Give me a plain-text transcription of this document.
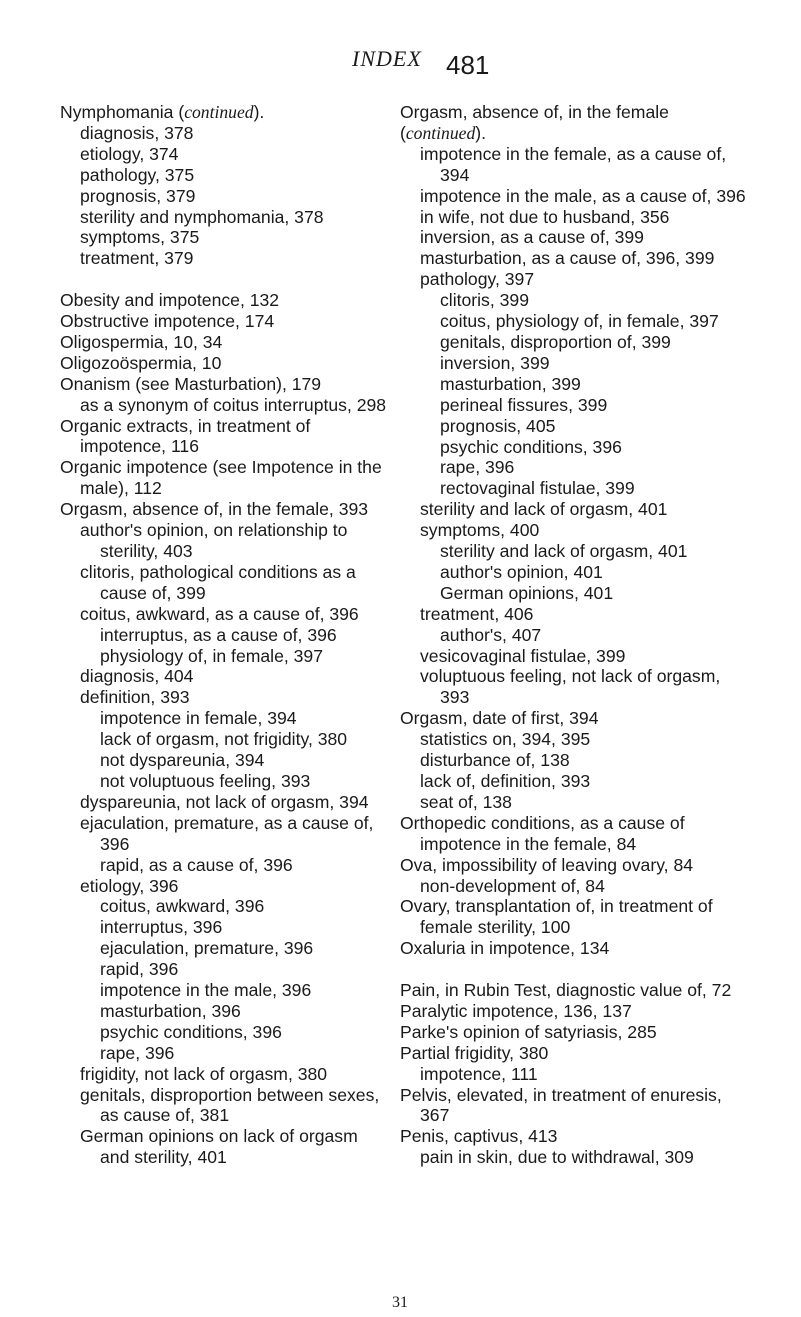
INDEX 481
Nymphomania (continued).
diagnosis, 378
etiology, 374
pathology, 375
prognosis, 379
sterility and nymphomania, 378
symptoms, 375
treatment, 379
Obesity and impotence, 132
Obstructive impotence, 174
Oligospermia, 10, 34
Oligozoöspermia, 10
Onanism (see Masturbation), 179
as a synonym of coitus interruptus, 298
Organic extracts, in treatment of impotence, 116
Organic impotence (see Impotence in the male), 112
Orgasm, absence of, in the female, 393
author's opinion, on relationship to sterility, 403
clitoris, pathological conditions as a cause of, 399
coitus, awkward, as a cause of, 396
interruptus, as a cause of, 396
physiology of, in female, 397
diagnosis, 404
definition, 393
impotence in female, 394
lack of orgasm, not frigidity, 380
not dyspareunia, 394
not voluptuous feeling, 393
dyspareunia, not lack of orgasm, 394
ejaculation, premature, as a cause of, 396
rapid, as a cause of, 396
etiology, 396
coitus, awkward, 396
interruptus, 396
ejaculation, premature, 396
rapid, 396
impotence in the male, 396
masturbation, 396
psychic conditions, 396
rape, 396
frigidity, not lack of orgasm, 380
genitals, disproportion between sexes, as cause of, 381
German opinions on lack of orgasm and sterility, 401
Orgasm, absence of, in the female
(continued).
impotence in the female, as a cause of, 394
impotence in the male, as a cause of, 396
in wife, not due to husband, 356
inversion, as a cause of, 399
masturbation, as a cause of, 396, 399
pathology, 397
clitoris, 399
coitus, physiology of, in female, 397
genitals, disproportion of, 399
inversion, 399
masturbation, 399
perineal fissures, 399
prognosis, 405
psychic conditions, 396
rape, 396
rectovaginal fistulae, 399
sterility and lack of orgasm, 401
symptoms, 400
sterility and lack of orgasm, 401
author's opinion, 401
German opinions, 401
treatment, 406
author's, 407
vesicovaginal fistulae, 399
voluptuous feeling, not lack of orgasm, 393
Orgasm, date of first, 394
statistics on, 394, 395
disturbance of, 138
lack of, definition, 393
seat of, 138
Orthopedic conditions, as a cause of impotence in the female, 84
Ova, impossibility of leaving ovary, 84
non-development of, 84
Ovary, transplantation of, in treatment of female sterility, 100
Oxaluria in impotence, 134
Pain, in Rubin Test, diagnostic value of, 72
Paralytic impotence, 136, 137
Parke's opinion of satyriasis, 285
Partial frigidity, 380
impotence, 111
Pelvis, elevated, in treatment of enuresis, 367
Penis, captivus, 413
pain in skin, due to withdrawal, 309
31
